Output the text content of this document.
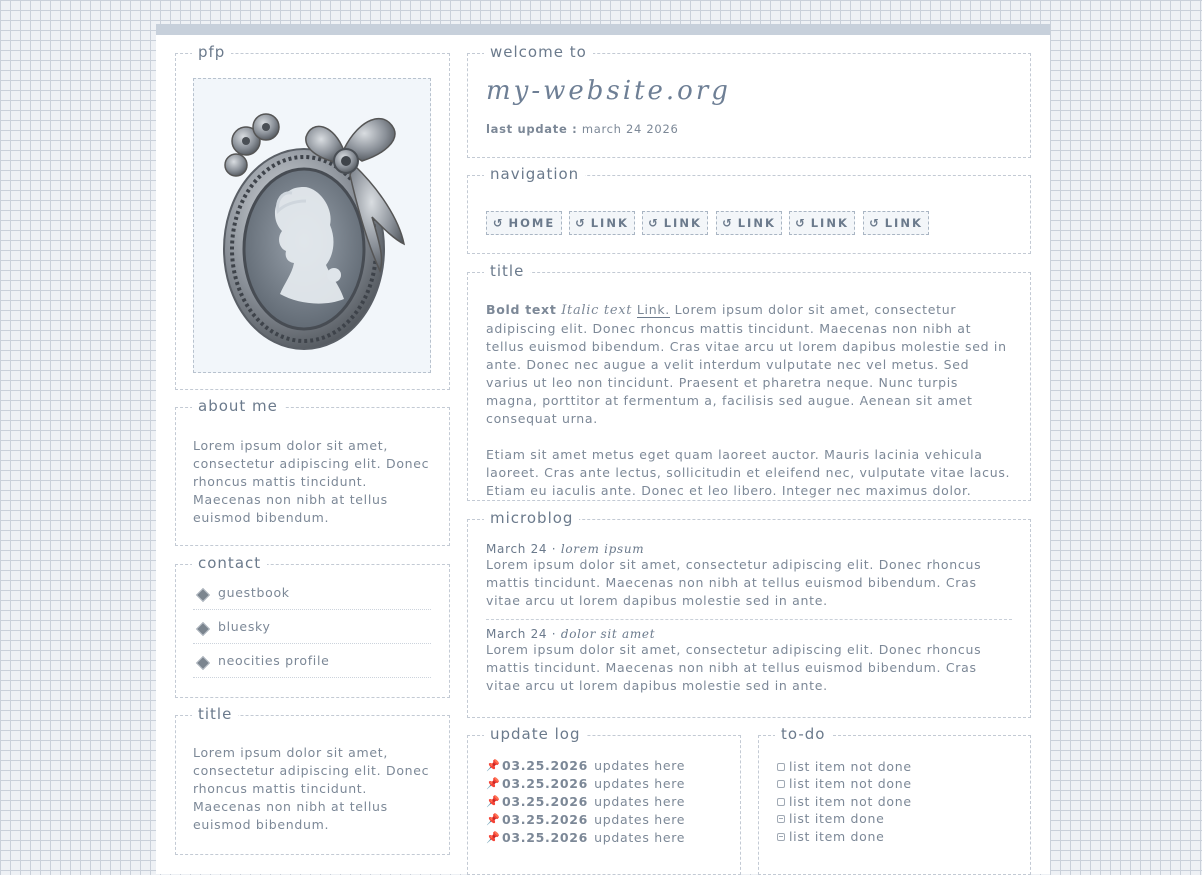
pfp
about me
Lorem ipsum dolor sit amet, consectetur adipiscing elit. Donec rhoncus mattis tincidunt. Maecenas non nibh at tellus euismod bibendum.
contact
guestbook
bluesky
neocities profile
title
Lorem ipsum dolor sit amet, consectetur adipiscing elit. Donec rhoncus mattis tincidunt. Maecenas non nibh at tellus euismod bibendum.
welcome to
my-website.org
last update : march 24 2026
navigation
↺ HOME ↺ LINK ↺ LINK ↺ LINK ↺ LINK ↺ LINK
title

Bold text Italic text Link. Lorem ipsum dolor sit amet, consectetur adipiscing elit. Donec rhoncus mattis tincidunt. Maecenas non nibh at tellus euismod bibendum. Cras vitae arcu ut lorem dapibus molestie sed in ante. Donec nec augue a velit interdum vulputate nec vel metus. Sed varius ut leo non tincidunt. Praesent et pharetra neque. Nunc turpis magna, porttitor at fermentum a, facilisis sed augue. Aenean sit amet consequat urna.

Etiam sit amet metus eget quam laoreet auctor. Mauris lacinia vehicula laoreet. Cras ante lectus, sollicitudin et eleifend nec, vulputate vitae lacus. Etiam eu iaculis ante. Donec et leo libero. Integer nec maximus dolor.

microblog
March 24 · lorem ipsum
Lorem ipsum dolor sit amet, consectetur adipiscing elit. Donec rhoncus mattis tincidunt. Maecenas non nibh at tellus euismod bibendum. Cras vitae arcu ut lorem dapibus molestie sed in ante.
March 24 · dolor sit amet
Lorem ipsum dolor sit amet, consectetur adipiscing elit. Donec rhoncus mattis tincidunt. Maecenas non nibh at tellus euismod bibendum. Cras vitae arcu ut lorem dapibus molestie sed in ante.
update log
📌 03.25.2026 updates here
📌 03.25.2026 updates here
📌 03.25.2026 updates here
📌 03.25.2026 updates here
📌 03.25.2026 updates here
to-do
list item not done
list item not done
list item not done
list item done
list item done
